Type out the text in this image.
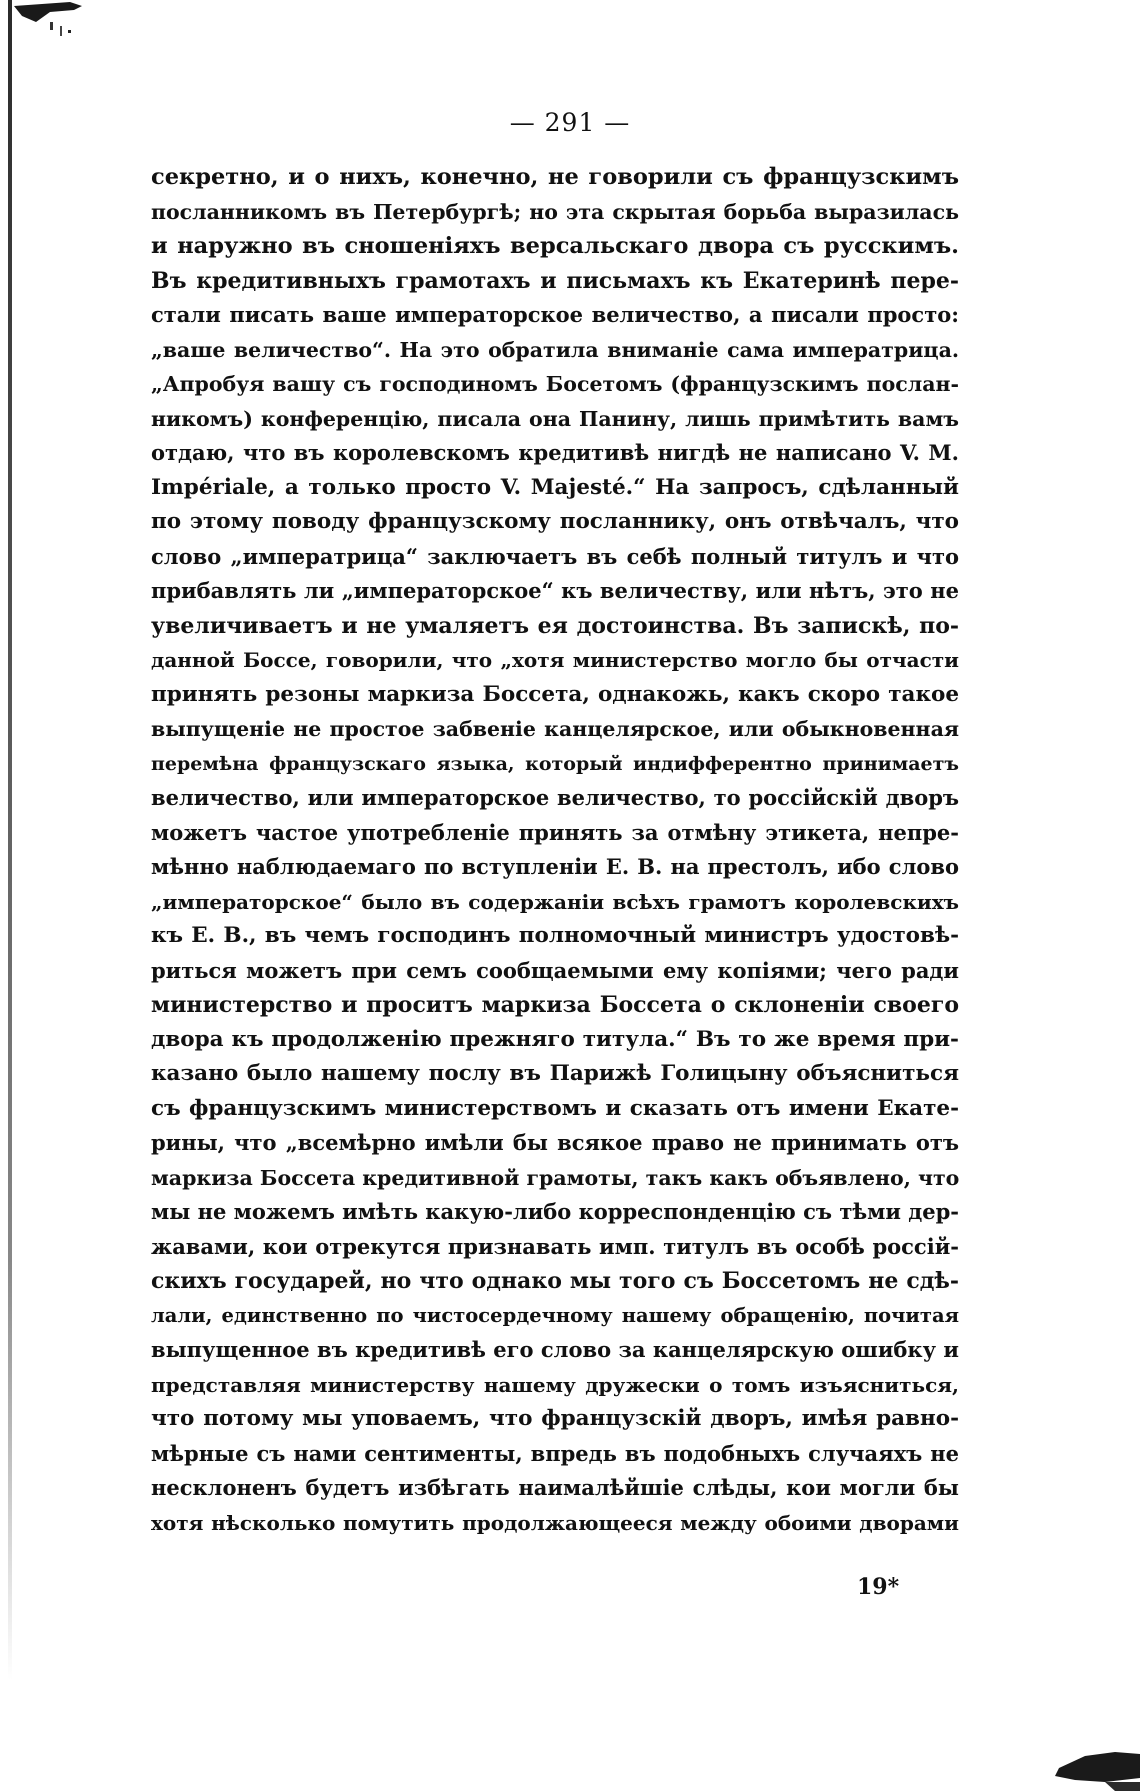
— 291 —
секретно, и о нихъ, конечно, не говорили съ французскимъ
посланникомъ въ Петербургѣ; но эта скрытая борьба выразилась
и наружно въ сношеніяхъ версальскаго двора съ русскимъ.
Въ кредитивныхъ грамотахъ и письмахъ къ Екатеринѣ пере-
стали писать ваше императорское величество, а писали просто:
„ваше величество“. На это обратила вниманіе сама императрица.
„Апробуя вашу съ господиномъ Босетомъ (французскимъ послан-
никомъ) конференцію, писала она Панину, лишь примѣтить вамъ
отдаю, что въ королевскомъ кредитивѣ нигдѣ не написано V. M.
Impériale, а только просто V. Majesté.“ На запросъ, сдѣланный
по этому поводу французскому посланнику, онъ отвѣчалъ, что
слово „императрица“ заключаетъ въ себѣ полный титулъ и что
прибавлять ли „императорское“ къ величеству, или нѣтъ, это не
увеличиваетъ и не умаляетъ ея достоинства. Въ запискѣ, по-
данной Боссе, говорили, что „хотя министерство могло бы отчасти
принять резоны маркиза Боссета, однакожь, какъ скоро такое
выпущеніе не простое забвеніе канцелярское, или обыкновенная
перемѣна французскаго языка, который индифферентно принимаетъ
величество, или императорское величество, то россійскій дворъ
можетъ частое употребленіе принять за отмѣну этикета, непре-
мѣнно наблюдаемаго по вступленіи Е. В. на престолъ, ибо слово
„императорское“ было въ содержаніи всѣхъ грамотъ королевскихъ
къ Е. В., въ чемъ господинъ полномочный министръ удостовѣ-
риться можетъ при семъ сообщаемыми ему копіями; чего ради
министерство и проситъ маркиза Боссета о склоненіи своего
двора къ продолженію прежняго титула.“ Въ то же время при-
казано было нашему послу въ Парижѣ Голицыну объясниться
съ французскимъ министерствомъ и сказать отъ имени Екате-
рины, что „всемѣрно имѣли бы всякое право не принимать отъ
маркиза Боссета кредитивной грамоты, такъ какъ объявлено, что
мы не можемъ имѣть какую-либо корреспонденцію съ тѣми дер-
жавами, кои отрекутся признавать имп. титулъ въ особѣ россій-
скихъ государей, но что однако мы того съ Боссетомъ не сдѣ-
лали, единственно по чистосердечному нашему обращенію, почитая
выпущенное въ кредитивѣ его слово за канцелярскую ошибку и
представляя министерству нашему дружески о томъ изъясниться,
что потому мы уповаемъ, что французскій дворъ, имѣя равно-
мѣрные съ нами сентименты, впредь въ подобныхъ случаяхъ не
несклоненъ будетъ избѣгать наималѣйшіе слѣды, кои могли бы
хотя нѣсколько помутить продолжающееся между обоими дворами
19*
